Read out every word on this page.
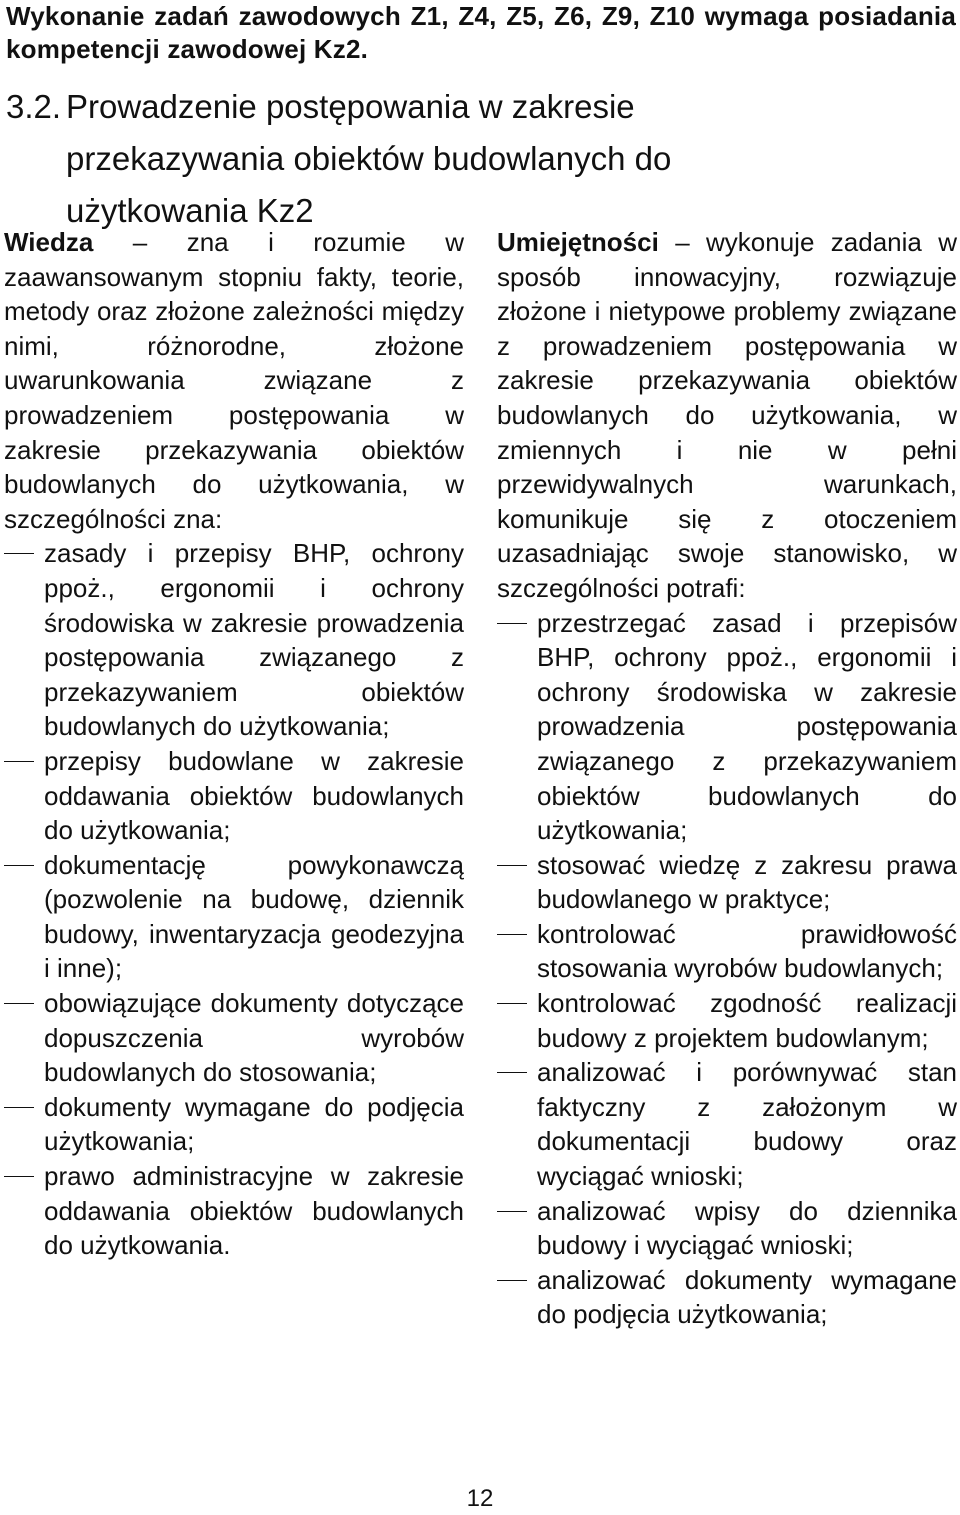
Wykonanie zadań zawodowych Z1, Z4, Z5, Z6, Z9, Z10 wymaga posiadania kompetencji zawodowej Kz2.
3.2. Prowadzenie postępowania w zakresie przekazywania obiektów budowlanych do użytkowania Kz2

Wiedza – zna i rozumie w zaawansowanym stopniu fakty, teorie, metody oraz złożone zależności między nimi, różnorodne, złożone uwarunkowania związane z prowadzeniem postępowania w zakresie przekazywania obiektów budowlanych do użytkowania, w szczególności zna:

zasady i przepisy BHP, ochrony ppoż., ergonomii i ochrony środowiska w zakresie prowadzenia postępowania związanego z przekazywaniem obiektów budowlanych do użytkowania;
przepisy budowlane w zakresie oddawania obiektów budowlanych do użytkowania;
dokumentację powykonawczą (pozwolenie na budowę, dziennik budowy, inwentaryzacja geodezyjna i inne);
obowiązujące dokumenty dotyczące dopuszczenia wyrobów budowlanych do stosowania;
dokumenty wymagane do podjęcia użytkowania;
prawo administracyjne w zakresie oddawania obiektów budowlanych do użytkowania.

Umiejętności – wykonuje zadania w sposób innowacyjny, rozwiązuje złożone i nietypowe problemy związane z prowadzeniem postępowania w zakresie przekazywania obiektów budowlanych do użytkowania, w zmiennych i nie w pełni przewidywalnych warunkach, komunikuje się z otoczeniem uzasadniając swoje stanowisko, w szczególności potrafi:

przestrzegać zasad i przepisów BHP, ochrony ppoż., ergonomii i ochrony środowiska w zakresie prowadzenia postępowania związanego z przekazywaniem obiektów budowlanych do użytkowania;
stosować wiedzę z zakresu prawa budowlanego w praktyce;
kontrolować prawidłowość stosowania wyrobów budowlanych;
kontrolować zgodność realizacji budowy z projektem budowlanym;
analizować i porównywać stan faktyczny z założonym w dokumentacji budowy oraz wyciągać wnioski;
analizować wpisy do dziennika budowy i wyciągać wnioski;
analizować dokumenty wymagane do podjęcia użytkowania;
12
